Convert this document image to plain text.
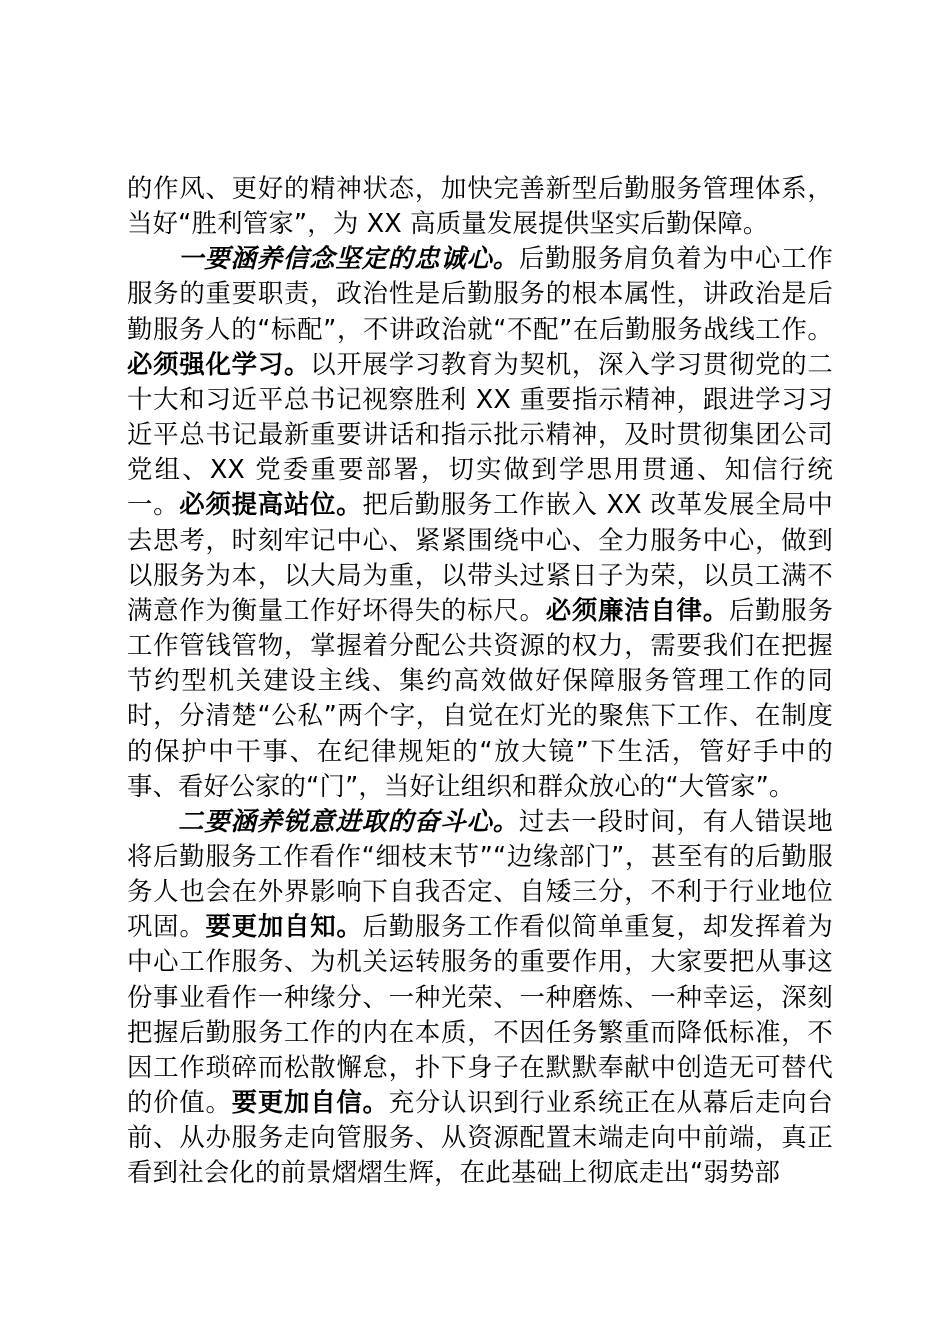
的作风、更好的精神状态，加快完善新型后勤服务管理体系，当好“胜利管家”，为 XX 高质量发展提供坚实后勤保障。

一要涵养信念坚定的忠诚心。后勤服务肩负着为中心工作服务的重要职责，政治性是后勤服务的根本属性，讲政治是后勤服务人的“标配”，不讲政治就“不配”在后勤服务战线工作。必须强化学习。以开展学习教育为契机，深入学习贯彻党的二十大和习近平总书记视察胜利 XX 重要指示精神，跟进学习习近平总书记最新重要讲话和指示批示精神，及时贯彻集团公司党组、XX 党委重要部署，切实做到学思用贯通、知信行统一。必须提高站位。把后勤服务工作嵌入 XX 改革发展全局中去思考，时刻牢记中心、紧紧围绕中心、全力服务中心，做到以服务为本，以大局为重，以带头过紧日子为荣，以员工满不满意作为衡量工作好坏得失的标尺。必须廉洁自律。后勤服务工作管钱管物，掌握着分配公共资源的权力，需要我们在把握节约型机关建设主线、集约高效做好保障服务管理工作的同时，分清楚“公私”两个字，自觉在灯光的聚焦下工作、在制度的保护中干事、在纪律规矩的“放大镜”下生活，管好手中的事、看好公家的“门”，当好让组织和群众放心的“大管家”。

二要涵养锐意进取的奋斗心。过去一段时间，有人错误地将后勤服务工作看作“细枝末节”“边缘部门”，甚至有的后勤服务人也会在外界影响下自我否定、自矮三分，不利于行业地位巩固。要更加自知。后勤服务工作看似简单重复，却发挥着为中心工作服务、为机关运转服务的重要作用，大家要把从事这份事业看作一种缘分、一种光荣、一种磨炼、一种幸运，深刻把握后勤服务工作的内在本质，不因任务繁重而降低标准，不因工作琐碎而松散懈怠，扑下身子在默默奉献中创造无可替代的价值。要更加自信。充分认识到行业系统正在从幕后走向台前、从办服务走向管服务、从资源配置末端走向中前端，真正看到社会化的前景熠熠生辉，在此基础上彻底走出“弱势部
